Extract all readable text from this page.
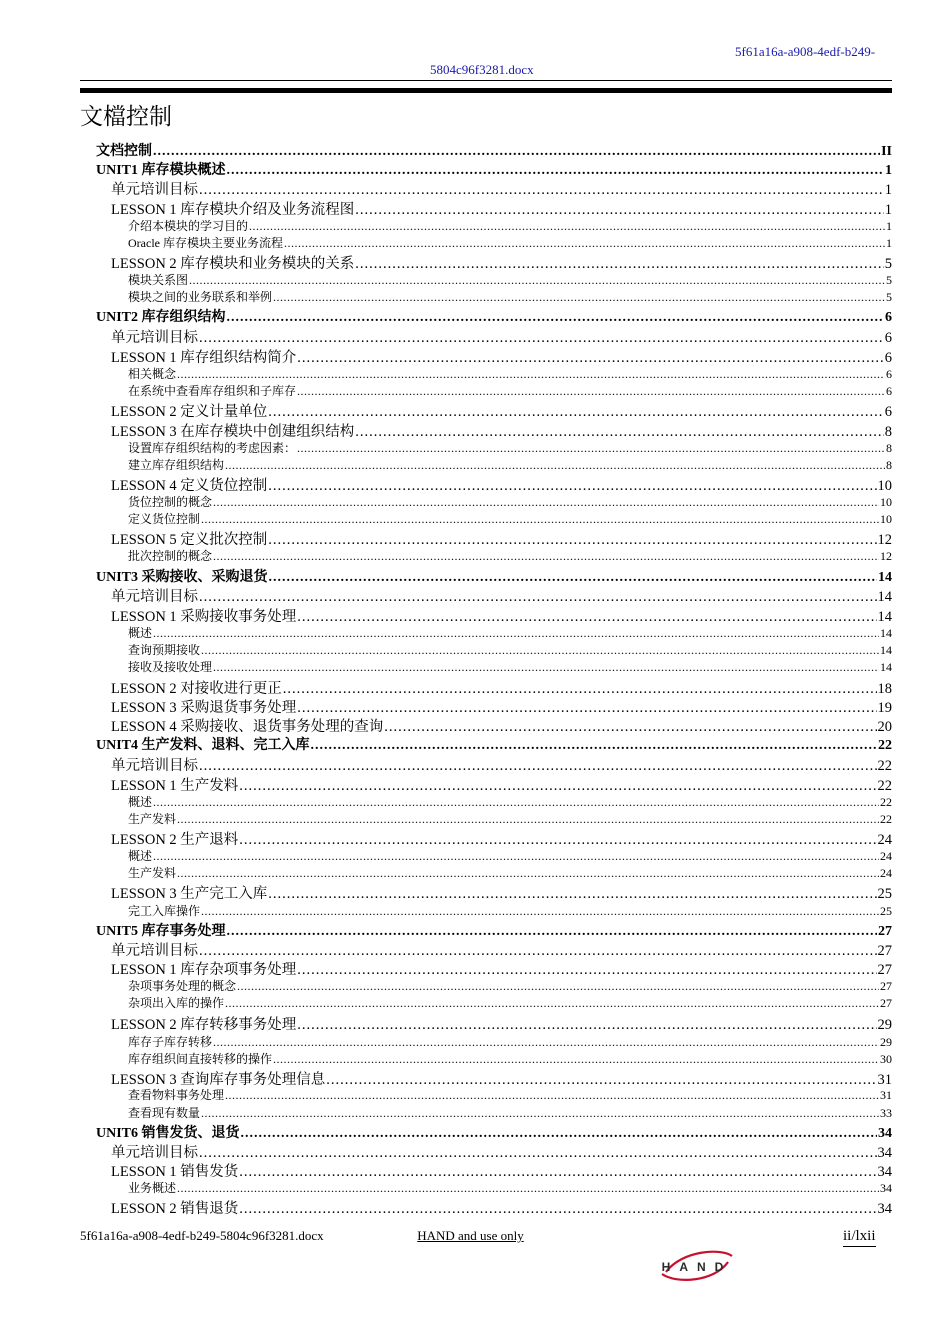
5f61a16a-a908-4edf-b249-
5804c96f3281.docx
文檔控制
文档控制 .....	II
UNIT1 库存模块概述 .....	1
单元培训目标 .....	1
LESSON 1 库存模块介绍及业务流程图 .....	1
介绍本模块的学习目的 .....	1
Oracle 库存模块主要业务流程 .....	1
LESSON 2 库存模块和业务模块的关系 .....	5
模块关系图 .....	5
模块之间的业务联系和举例 .....	5
UNIT2 库存组织结构 .....	6
单元培训目标 .....	6
LESSON 1 库存组织结构简介 .....	6
相关概念 .....	6
在系统中查看库存组织和子库存 .....	6
LESSON 2 定义计量单位 .....	6
LESSON 3 在库存模块中创建组织结构 .....	8
设置库存组织结构的考虑因素： .....	8
建立库存组织结构 .....	8
LESSON 4 定义货位控制 .....	10
货位控制的概念 .....	10
定义货位控制 .....	10
LESSON 5 定义批次控制 .....	12
批次控制的概念 .....	12
UNIT3 采购接收、采购退货 .....	14
单元培训目标 .....	14
LESSON 1 采购接收事务处理 .....	14
概述 .....	14
查询预期接收 .....	14
接收及接收处理 .....	14
LESSON 2 对接收进行更正 .....	18
LESSON 3 采购退货事务处理 .....	19
LESSON 4 采购接收、退货事务处理的查询 .....	20
UNIT4 生产发料、退料、完工入库 .....	22
单元培训目标 .....	22
LESSON 1 生产发料 .....	22
概述 .....	22
生产发料 .....	22
LESSON 2 生产退料 .....	24
概述 .....	24
生产发料 .....	24
LESSON 3 生产完工入库 .....	25
完工入库操作 .....	25
UNIT5 库存事务处理 .....	27
单元培训目标 .....	27
LESSON 1 库存杂项事务处理 .....	27
杂项事务处理的概念 .....	27
杂项出入库的操作 .....	27
LESSON 2 库存转移事务处理 .....	29
库存子库存转移 .....	29
库存组织间直接转移的操作 .....	30
LESSON 3 查询库存事务处理信息 .....	31
查看物料事务处理 .....	31
查看现有数量 .....	33
UNIT6 销售发货、退货 .....	34
单元培训目标 .....	34
LESSON 1 销售发货 .....	34
业务概述 .....	34
LESSON 2 销售退货 .....	34
5f61a16a-a908-4edf-b249-5804c96f3281.docx	HAND and use only	ii/lxii
HAND
